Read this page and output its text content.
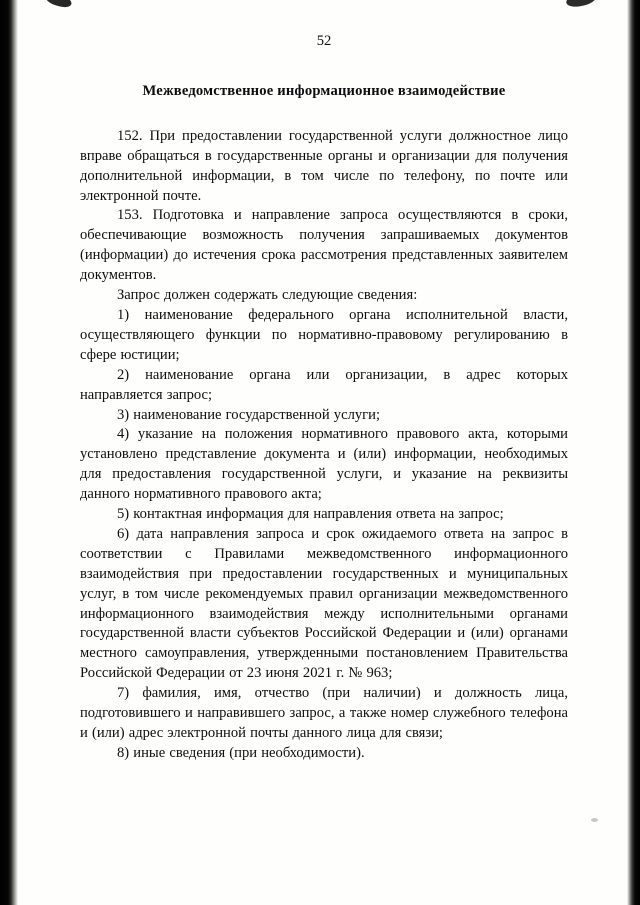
52
Межведомственное информационное взаимодействие

152. При предоставлении государственной услуги должностное лицо вправе обращаться в государственные органы и организации для получения дополнительной информации, в том числе по телефону, по почте или электронной почте.

153. Подготовка и направление запроса осуществляются в сроки, обеспечивающие возможность получения запрашиваемых документов (информации) до истечения срока рассмотрения представленных заявителем документов.

Запрос должен содержать следующие сведения:

1) наименование федерального органа исполнительной власти, осуществляющего функции по нормативно-правовому регулированию в сфере юстиции;

2) наименование органа или организации, в адрес которых направляется запрос;

3) наименование государственной услуги;

4) указание на положения нормативного правового акта, которыми установлено представление документа и (или) информации, необходимых для предоставления государственной услуги, и указание на реквизиты данного нормативного правового акта;

5) контактная информация для направления ответа на запрос;

6) дата направления запроса и срок ожидаемого ответа на запрос в соответствии с Правилами межведомственного информационного взаимодействия при предоставлении государственных и муниципальных услуг, в том числе рекомендуемых правил организации межведомственного информационного взаимодействия между исполнительными органами государственной власти субъектов Российской Федерации и (или) органами местного самоуправления, утвержденными постановлением Правительства Российской Федерации от 23 июня 2021 г. № 963;

7) фамилия, имя, отчество (при наличии) и должность лица, подготовившего и направившего запрос, а также номер служебного телефона и (или) адрес электронной почты данного лица для связи;

8) иные сведения (при необходимости).
